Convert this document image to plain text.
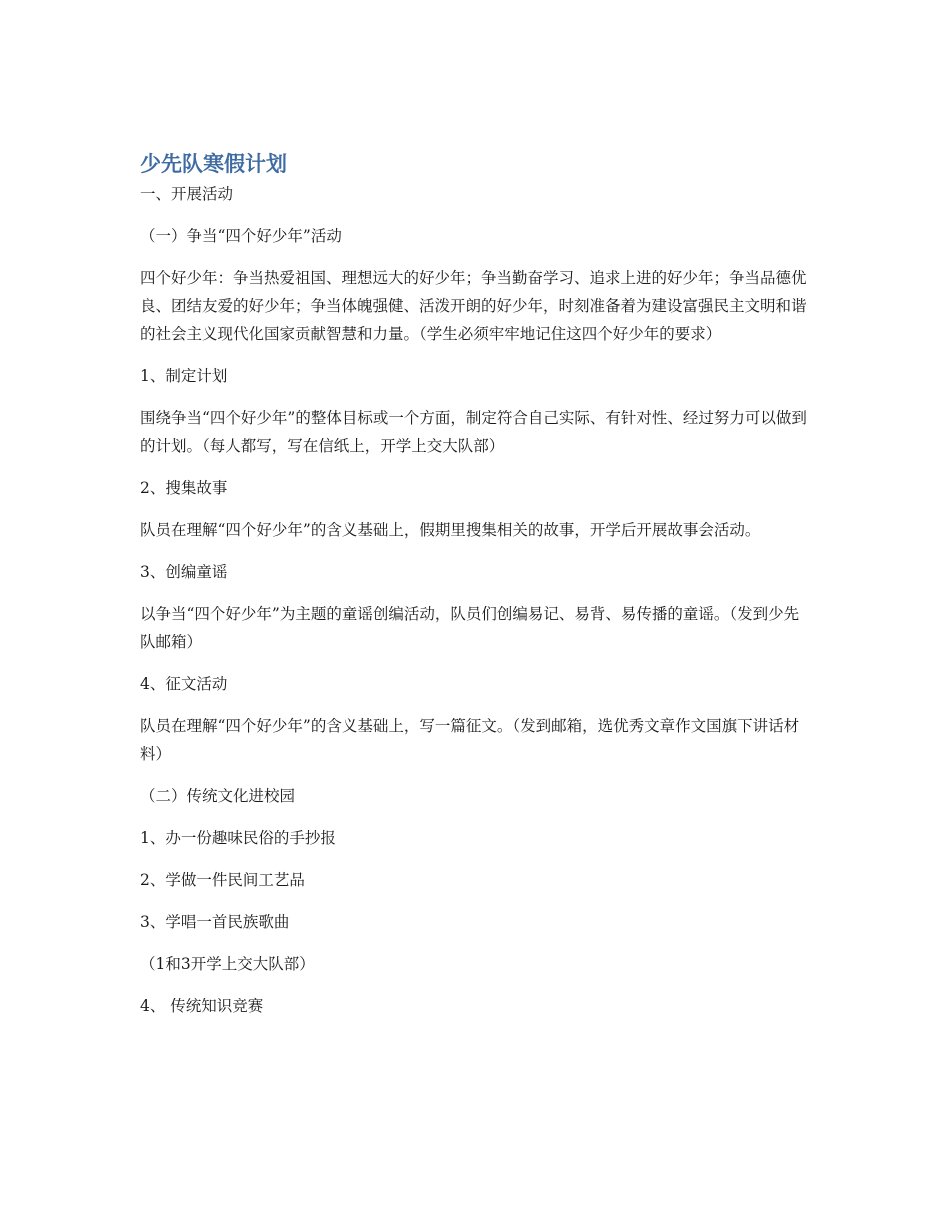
少先队寒假计划

一、开展活动

（一）争当“四个好少年”活动

四个好少年：争当热爱祖国、理想远大的好少年；争当勤奋学习、追求上进的好少年；争当品德优良、团结友爱的好少年；争当体魄强健、活泼开朗的好少年，时刻准备着为建设富强民主文明和谐的社会主义现代化国家贡献智慧和力量。（学生必须牢牢地记住这四个好少年的要求）

1、制定计划

围绕争当“四个好少年”的整体目标或一个方面，制定符合自己实际、有针对性、经过努力可以做到的计划。（每人都写，写在信纸上，开学上交大队部）

2、搜集故事

队员在理解“四个好少年”的含义基础上，假期里搜集相关的故事，开学后开展故事会活动。

3、创编童谣

以争当“四个好少年”为主题的童谣创编活动，队员们创编易记、易背、易传播的童谣。（发到少先队邮箱）

4、征文活动

队员在理解“四个好少年”的含义基础上，写一篇征文。（发到邮箱，选优秀文章作文国旗下讲话材料）

（二）传统文化进校园

1、办一份趣味民俗的手抄报

2、学做一件民间工艺品

3、学唱一首民族歌曲

（1和3开学上交大队部）

4、 传统知识竞赛
